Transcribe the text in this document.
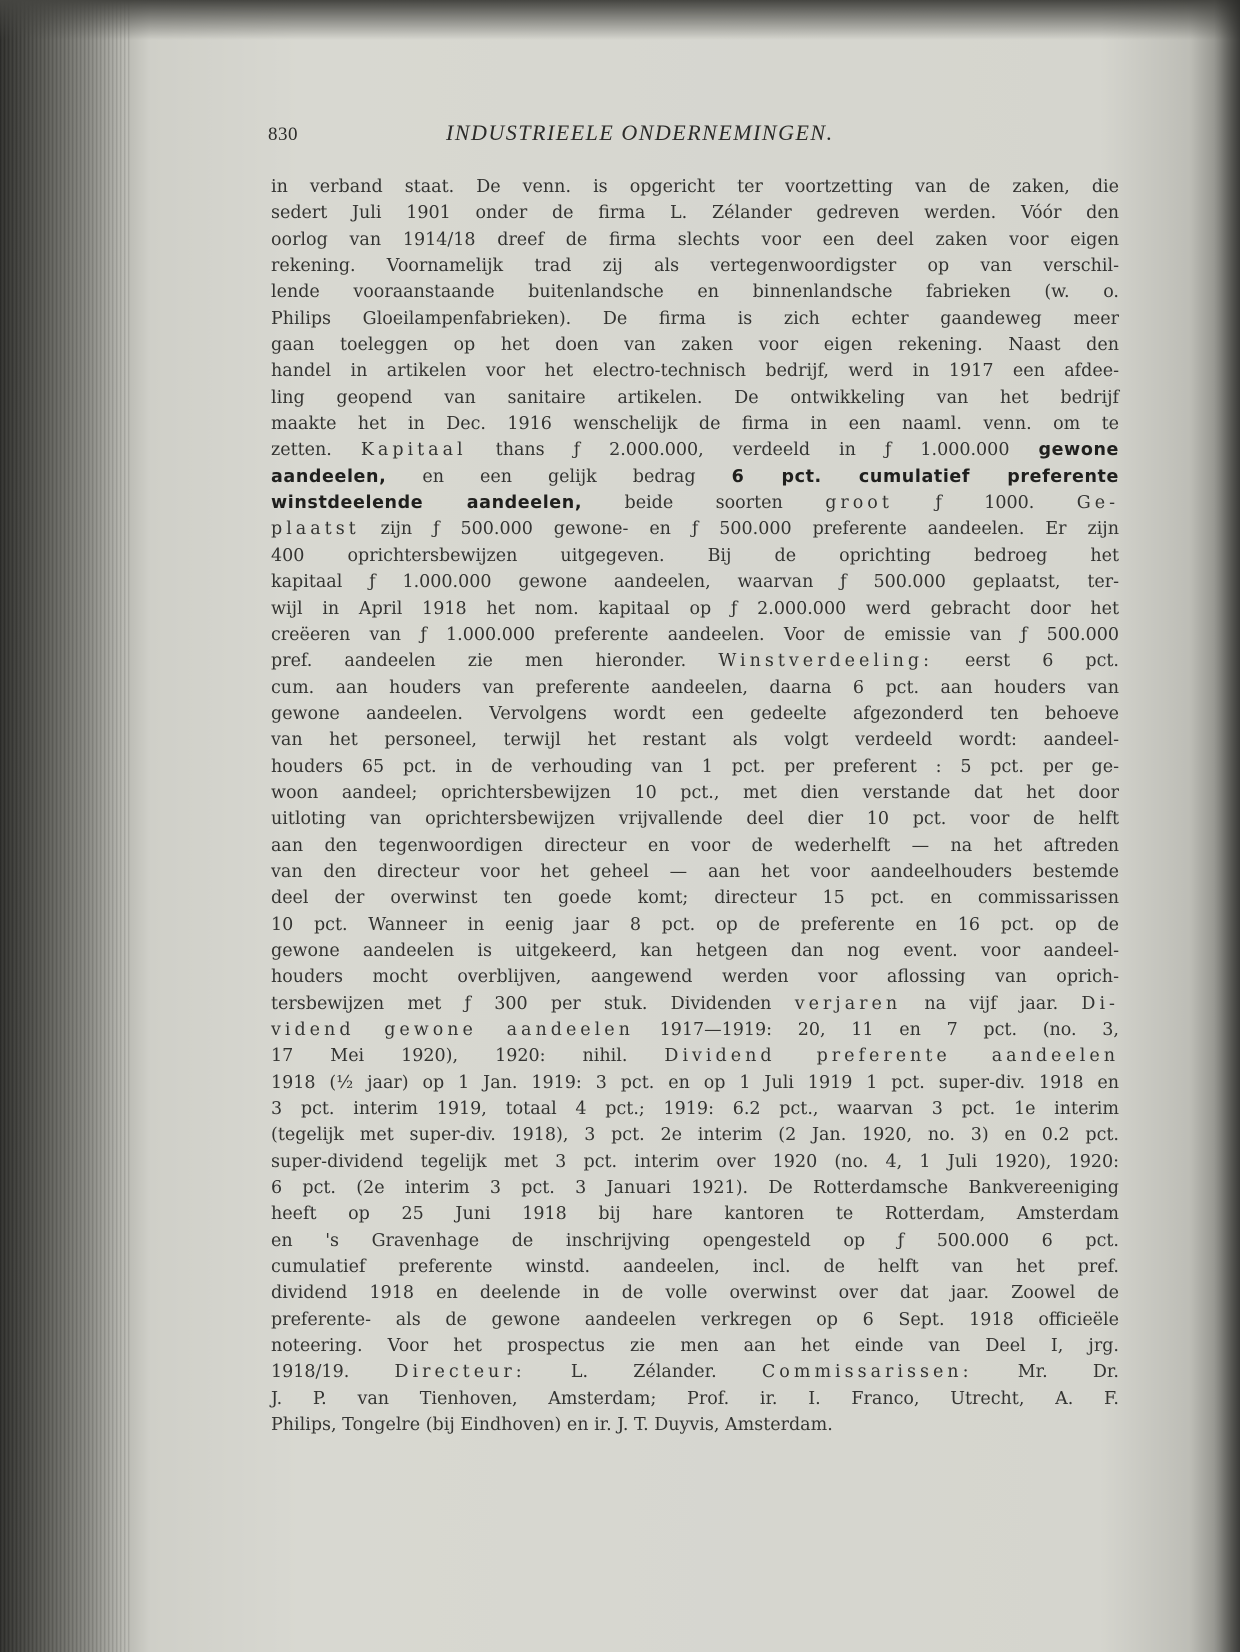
830	INDUSTRIEELE ONDERNEMINGEN.
in verband staat. De venn. is opgericht ter voortzetting van de zaken, die
sedert Juli 1901 onder de firma L. Zélander gedreven werden. Vóór den
oorlog van 1914/18 dreef de firma slechts voor een deel zaken voor eigen
rekening. Voornamelijk trad zij als vertegenwoordigster op van verschil-
lende vooraanstaande buitenlandsche en binnenlandsche fabrieken (w. o.
Philips Gloeilampenfabrieken). De firma is zich echter gaandeweg meer
gaan toeleggen op het doen van zaken voor eigen rekening. Naast den
handel in artikelen voor het electro-technisch bedrijf, werd in 1917 een afdee-
ling geopend van sanitaire artikelen. De ontwikkeling van het bedrijf
maakte het in Dec. 1916 wenschelijk de firma in een naaml. venn. om te
zetten. Kapitaal thans ƒ 2.000.000, verdeeld in ƒ 1.000.000 gewone
aandeelen, en een gelijk bedrag 6 pct. cumulatief preferente
winstdeelende aandeelen, beide soorten groot ƒ 1000. Ge-
plaatst zijn ƒ 500.000 gewone- en ƒ 500.000 preferente aandeelen. Er zijn
400 oprichtersbewijzen uitgegeven. Bij de oprichting bedroeg het
kapitaal ƒ 1.000.000 gewone aandeelen, waarvan ƒ 500.000 geplaatst, ter-
wijl in April 1918 het nom. kapitaal op ƒ 2.000.000 werd gebracht door het
creëeren van ƒ 1.000.000 preferente aandeelen. Voor de emissie van ƒ 500.000
pref. aandeelen zie men hieronder. Winstverdeeling: eerst 6 pct.
cum. aan houders van preferente aandeelen, daarna 6 pct. aan houders van
gewone aandeelen. Vervolgens wordt een gedeelte afgezonderd ten behoeve
van het personeel, terwijl het restant als volgt verdeeld wordt: aandeel-
houders 65 pct. in de verhouding van 1 pct. per preferent : 5 pct. per ge-
woon aandeel; oprichtersbewijzen 10 pct., met dien verstande dat het door
uitloting van oprichtersbewijzen vrijvallende deel dier 10 pct. voor de helft
aan den tegenwoordigen directeur en voor de wederhelft — na het aftreden
van den directeur voor het geheel — aan het voor aandeelhouders bestemde
deel der overwinst ten goede komt; directeur 15 pct. en commissarissen
10 pct. Wanneer in eenig jaar 8 pct. op de preferente en 16 pct. op de
gewone aandeelen is uitgekeerd, kan hetgeen dan nog event. voor aandeel-
houders mocht overblijven, aangewend werden voor aflossing van oprich-
tersbewijzen met ƒ 300 per stuk. Dividenden verjaren na vijf jaar. Di-
vidend gewone aandeelen 1917—1919: 20, 11 en 7 pct. (no. 3,
17 Mei 1920), 1920: nihil. Dividend preferente aandeelen
1918 (½ jaar) op 1 Jan. 1919: 3 pct. en op 1 Juli 1919 1 pct. super-div. 1918 en
3 pct. interim 1919, totaal 4 pct.; 1919: 6.2 pct., waarvan 3 pct. 1e interim
(tegelijk met super-div. 1918), 3 pct. 2e interim (2 Jan. 1920, no. 3) en 0.2 pct.
super-dividend tegelijk met 3 pct. interim over 1920 (no. 4, 1 Juli 1920), 1920:
6 pct. (2e interim 3 pct. 3 Januari 1921). De Rotterdamsche Bankvereeniging
heeft op 25 Juni 1918 bij hare kantoren te Rotterdam, Amsterdam
en 's Gravenhage de inschrijving opengesteld op ƒ 500.000 6 pct.
cumulatief preferente winstd. aandeelen, incl. de helft van het pref.
dividend 1918 en deelende in de volle overwinst over dat jaar. Zoowel de
preferente- als de gewone aandeelen verkregen op 6 Sept. 1918 officieële
noteering. Voor het prospectus zie men aan het einde van Deel I, jrg.
1918/19.	Directeur:	L. Zélander.	Commissarissen:	Mr. Dr.
J. P. van Tienhoven, Amsterdam; Prof. ir. I. Franco, Utrecht, A. F.
Philips, Tongelre (bij Eindhoven) en ir. J. T. Duyvis, Amsterdam.
